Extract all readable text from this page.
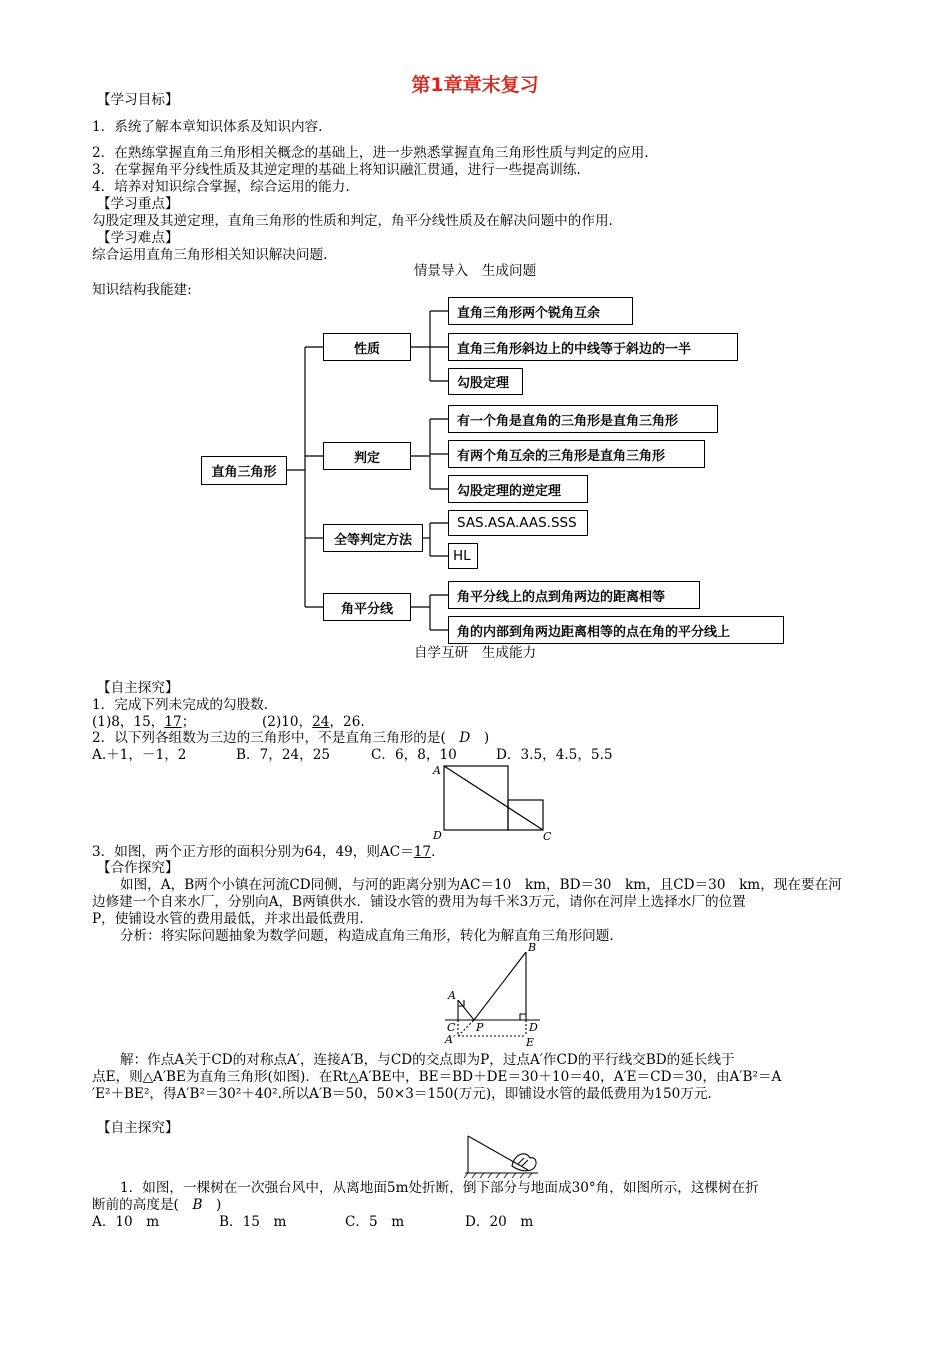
第1章章末复习
【学习目标】
1．系统了解本章知识体系及知识内容.
2．在熟练掌握直角三角形相关概念的基础上，进一步熟悉掌握直角三角形性质与判定的应用.
3．在掌握角平分线性质及其逆定理的基础上将知识融汇贯通，进行一些提高训练.
4．培养对知识综合掌握，综合运用的能力.
【学习重点】
勾股定理及其逆定理，直角三角形的性质和判定，角平分线性质及在解决问题中的作用.
【学习难点】
综合运用直角三角形相关知识解决问题.
情景导入　生成问题
知识结构我能建:
直角三角形
性质
直角三角形两个锐角互余
直角三角形斜边上的中线等于斜边的一半
勾股定理
判定
有一个角是直角的三角形是直角三角形
有两个角互余的三角形是直角三角形
勾股定理的逆定理
全等判定方法
SAS.ASA.AAS.SSS
HL
角平分线
角平分线上的点到角两边的距离相等
角的内部到角两边距离相等的点在角的平分线上
自学互研　生成能力
【自主探究】
1．完成下列未完成的勾股数.
(1)8，15，17；	(2)10，24，26.
2．以下列各组数为三边的三角形中，不是直角三角形的是(　D　)
A.＋1，－1，2	B．7，24，25	C．6，8，10	D．3.5，4.5，5.5
A
D	C
3．如图，两个正方形的面积分别为64，49，则AC＝17.
【合作探究】
如图，A，B两个小镇在河流CD同侧，与河的距离分别为AC＝10　km，BD＝30　km，且CD＝30　km，现在要在河
边修建一个自来水厂，分别向A，B两镇供水．铺设水管的费用为每千米3万元，请你在河岸上选择水厂的位置
P，使铺设水管的费用最低，并求出最低费用.
分析：将实际问题抽象为数学问题，构造成直角三角形，转化为解直角三角形问题.
B
A
C P	D
A′	E
解：作点A关于CD的对称点A′，连接A′B，与CD的交点即为P，过点A′作CD的平行线交BD的延长线于
点E，则△A′BE为直角三角形(如图)．在Rt△A′BE中，BE＝BD＋DE＝30＋10＝40，A′E＝CD＝30，由A′B²＝A
′E²＋BE²，得A′B²＝30²＋40².所以A′B＝50，50×3＝150(万元)，即铺设水管的最低费用为150万元.
【自主探究】
1．如图，一棵树在一次强台风中，从离地面5m处折断，倒下部分与地面成30°角，如图所示，这棵树在折
断前的高度是(　B　)
A．10　m	B．15　m	C．5　m	D．20　m
